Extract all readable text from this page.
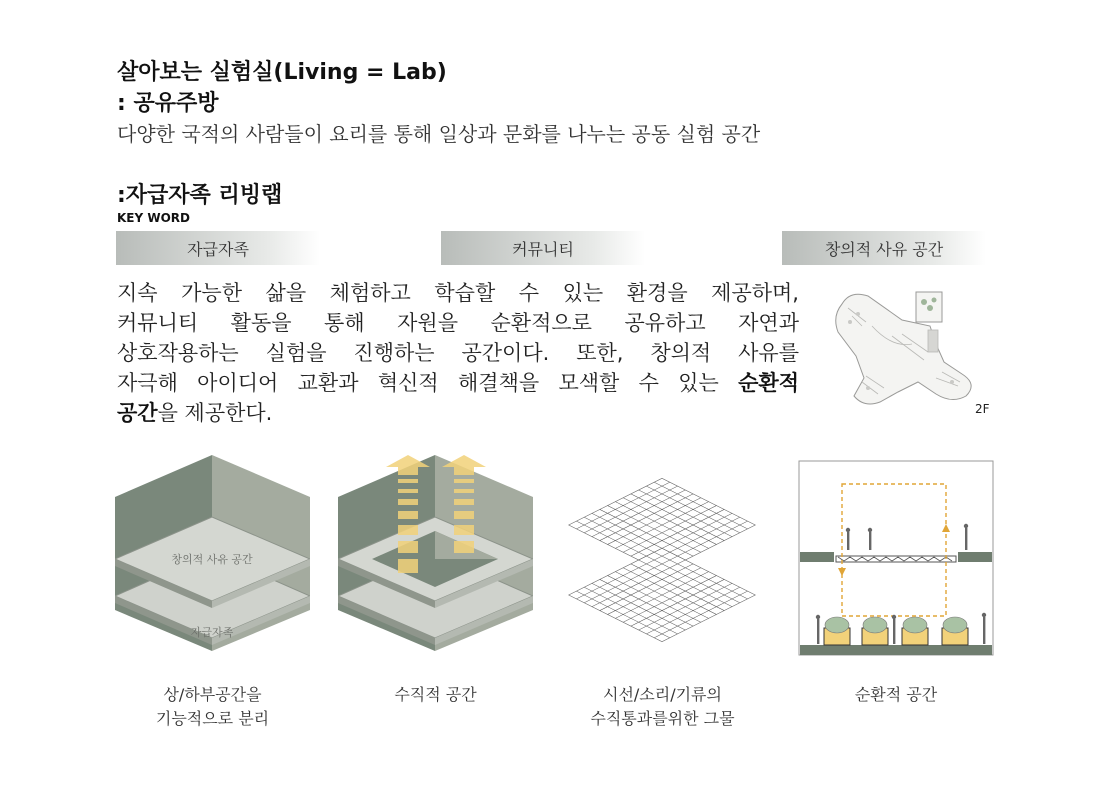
살아보는 실험실(Living = Lab)
: 공유주방
다양한 국적의 사람들이 요리를 통해 일상과 문화를 나누는 공동 실험 공간
:자급자족 리빙랩
KEY WORD
자급자족	커뮤니티	창의적 사유 공간

지속 가능한 삶을 체험하고 학습할 수 있는 환경을 제공하며,

커뮤니티 활동을 통해 자원을 순환적으로 공유하고 자연과

상호작용하는 실험을 진행하는 공간이다. 또한, 창의적 사유를

자극해 아이디어 교환과 혁신적 해결책을 모색할 수 있는 순환적

공간을 제공한다.	2F
창의적 사유 공간
자급자족
상/하부공간을
기능적으로 분리
수직적 공간	시선/소리/기류의
수직통과를위한 그물
순환적 공간
